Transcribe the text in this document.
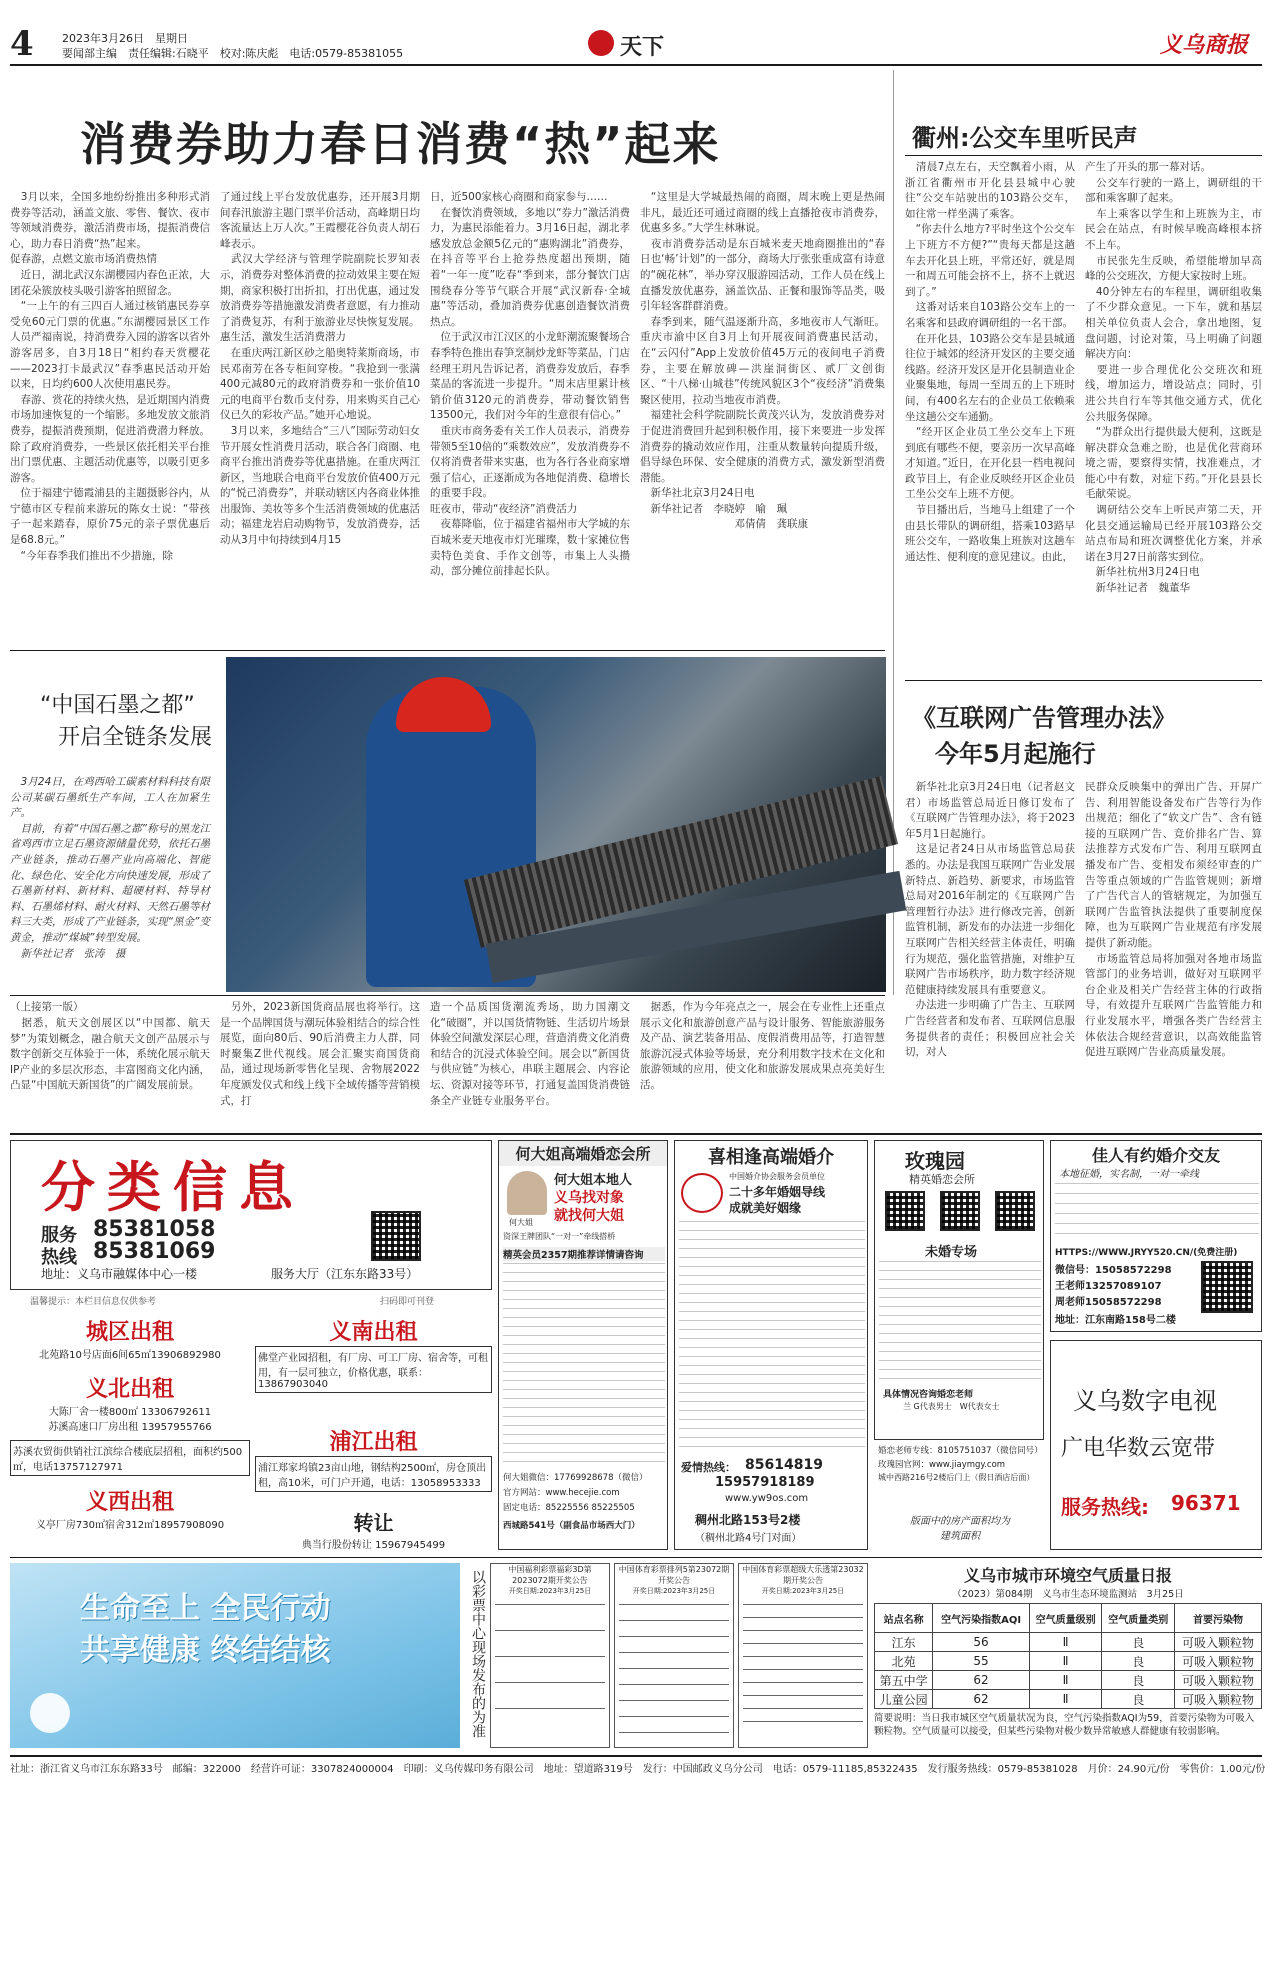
4	2023年3月26日　星期日
要闻部主编　责任编辑:石晓平　校对:陈庆彪　电话:0579-85381055	天下	义乌商报
消费券助力春日消费“热”起来
　3月以来，全国多地纷纷推出多种形式消费券等活动，涵盖文旅、零售、餐饮、夜市等领域消费券，激活消费市场，提振消费信心，助力春日消费“热”起来。
促春游，点燃文旅市场消费热情
　近日，湖北武汉东湖樱园内春色正浓，大团花朵簇放枝头吸引游客拍照留念。
　“一上午的有三四百人通过核销惠民券享受免60元门票的优惠。”东湖樱园景区工作人员严福南说，持消费券入园的游客以省外游客居多，自3月18日“相约春天赏樱花——2023打卡最武汉”春季惠民活动开始以来，日均约600人次使用惠民券。
　春游、赏花的持续火热，是近期国内消费市场加速恢复的一个缩影。多地发放文旅消费券，提振消费预期，促进消费潜力释放。除了政府消费券，一些景区依托相关平台推出门票优惠、主题活动优惠等，以吸引更多游客。
　位于福建宁德霞浦县的主题摄影谷内，从宁德市区专程前来游玩的陈女士说：“带孩子一起来踏春，原价75元的亲子票优惠后是68.8元。”
　“今年春季我们推出不少措施，除
了通过线上平台发放优惠券，还开展3月期间春汛旅游主题门票半价活动，高峰期日均客流量达上万人次。”王霞樱花谷负责人胡石峰表示。
　武汉大学经济与管理学院副院长罗知表示，消费券对整体消费的拉动效果主要在短期，商家积极打出折扣，打出优惠，通过发放消费券等措施激发消费者意愿，有力推动了消费复苏，有利于旅游业尽快恢复发展。
惠生活，激发生活消费潜力
　在重庆两江新区砂之船奥特莱斯商场，市民邓南芳在各专柜间穿梭。“我抢到一张满400元减80元的政府消费券和一张价值10元的电商平台数币支付券，用来购买自己心仪已久的彩妆产品。”她开心地说。
　3月以来，多地结合“三八”国际劳动妇女节开展女性消费月活动，联合各门商圈、电商平台推出消费券等优惠措施。在重庆两江新区，当地联合电商平台发放价值400万元的“悦己消费券”，并联动辖区内各商业体推出服饰、美妆等多个生活消费领域的优惠活动；福建龙岩启动购物节，发放消费券，活动从3月中旬持续到4月15
日，近500家核心商圈和商家参与……
　在餐饮消费领域，多地以“券力”激活消费力，为惠民添能着力。3月16日起，湖北孝感发放总金额5亿元的“惠购湖北”消费券，在抖音等平台上抢券热度超出预期，随着“一年一度”吃春“季到来，部分餐饮门店围绕春分等节气联合开展“武汉新春·全城惠”等活动，叠加消费券优惠创造餐饮消费热点。
　位于武汉市江汉区的小龙虾潮流聚餐场合春季特色推出春笋烹制炒龙虾等菜品，门店经理王玥凡告诉记者，消费券发放后，春季菜品的客流进一步提升。“周末店里累计核销价值3120元的消费券，带动餐饮销售13500元，我们对今年的生意很有信心。”
　重庆市商务委有关工作人员表示，消费券带领5至10倍的“乘数效应”，发放消费券不仅将消费者带来实惠，也为各行各业商家增强了信心，正逐渐成为各地促消费、稳增长的重要手段。
旺夜市，带动“夜经济”消费活力
　夜幕降临，位于福建省福州市大学城的东百城米麦天地夜市灯光璀璨，数十家摊位售卖特色美食、手作文创等，市集上人头攒动，部分摊位前排起长队。
　“这里是大学城最热闹的商圈，周末晚上更是热闹非凡，最近还可通过商圈的线上直播抢夜市消费券，优惠多多。”大学生林琳说。
　夜市消费券活动是东百城米麦天地商圈推出的“春日也‘畅’计划”的一部分，商场大厅张张重成富有诗意的“碗花林”，举办穿汉服游园活动，工作人员在线上直播发放优惠券，涵盖饮品、正餐和服饰等品类，吸引年轻客群群消费。
　春季到来，随气温逐渐升高，多地夜市人气渐旺。重庆市渝中区自3月上旬开展夜间消费惠民活动，在“云闪付”App上发放价值45万元的夜间电子消费券，主要在解放碑—洪崖洞街区、贰厂文创街区、“十八梯·山城巷”传统风貌区3个“夜经济”消费集聚区使用，拉动当地夜市消费。
　福建社会科学院副院长黄茂兴认为，发放消费券对于促进消费回升起到积极作用，接下来要进一步发挥消费券的撬动效应作用，注重从数量转向提质升级，倡导绿色环保、安全健康的消费方式，激发新型消费潜能。
　新华社北京3月24日电
　新华社记者　李晓婷　喻　珮
　　　　　　　　　邓倩倩　龚联康
衢州:公交车里听民声
　清晨7点左右，天空飘着小雨，从浙江省衢州市开化县县城中心驶往“公交车站驶出的103路公交车，如往常一样坐满了乘客。
　“你去什么地方?平时坐这个公交车上下班方不方便?”“贵每天都是这趟车去开化县上班，平常还好，就是周一和周五可能会挤不上，挤不上就迟到了。”
　这番对话来自103路公交车上的一名乘客和县政府调研组的一名干部。
　在开化县，103路公交车是县城通往位于城郊的经济开发区的主要交通线路。经济开发区是开化县制造业企业聚集地，每周一至周五的上下班时间，有400名左右的企业员工依赖乘坐这趟公交车通勤。
　“经开区企业员工坐公交车上下班到底有哪些不便，要亲历一次早高峰才知道。”近日，在开化县一档电视问政节目上，有企业反映经开区企业员工坐公交车上班不方便。
　节目播出后，当地马上组建了一个由县长带队的调研组，搭乘103路早班公交车，一路收集上班族对这趟车通达性、便利度的意见建议。由此，
产生了开头的那一幕对话。
　公交车行驶的一路上，调研组的干部和乘客聊了起来。
　车上乘客以学生和上班族为主，市民会在站点，有时候早晚高峰根本挤不上车。
　市民张先生反映，希望能增加早高峰的公交班次，方便大家按时上班。
　40分钟左右的车程里，调研组收集了不少群众意见。一下车，就和基层相关单位负责人会合，拿出地图，复盘问题，讨论对策，马上明确了问题解决方向：
　要进一步合理优化公交班次和班线，增加运力，增设站点；同时，引进公共自行车等其他交通方式，优化公共服务保障。
　“为群众出行提供最大便利，这既是解决群众急难之盼，也是优化营商环境之需，要察得实情，找准难点，才能心中有数，对症下药。”开化县县长毛献荣说。
　调研结公交车上听民声第二天，开化县交通运输局已经开展103路公交站点布局和班次调整优化方案，并承诺在3月27日前落实到位。
　新华社杭州3月24日电
　新华社记者　魏董华
《互联网广告管理办法》
今年5月起施行
　新华社北京3月24日电（记者赵文君）市场监管总局近日修订发布了《互联网广告管理办法》，将于2023年5月1日起施行。
　这是记者24日从市场监管总局获悉的。办法是我国互联网广告业发展新特点、新趋势、新要求，市场监管总局对2016年制定的《互联网广告管理暂行办法》进行修改完善，创新监管机制，新发布的办法进一步细化互联网广告相关经营主体责任，明确行为规范，强化监管措施，对维护互联网广告市场秩序，助力数字经济规范健康持续发展具有重要意义。
　办法进一步明确了广告主、互联网广告经营者和发布者、互联网信息服务提供者的责任；积极回应社会关切，对人
民群众反映集中的弹出广告、开屏广告、利用智能设备发布广告等行为作出规范；细化了“软文广告”、含有链接的互联网广告、竞价排名广告、算法推荐方式发布广告、利用互联网直播发布广告、变相发布须经审查的广告等重点领域的广告监管规则；新增了广告代言人的管辖规定，为加强互联网广告监管执法提供了重要制度保障，也为互联网广告业规范有序发展提供了新动能。
　市场监管总局将加强对各地市场监管部门的业务培训，做好对互联网平台企业及相关广告经营主体的行政指导，有效提升互联网广告监管能力和行业发展水平，增强各类广告经营主体依法合规经营意识，以高效能监管促进互联网广告业高质量发展。
“中国石墨之都”
开启全链条发展
　3月24日，在鸡西哈工碳素材料科技有限公司某碳石墨纸生产车间，工人在加紧生产。
　目前，有着“中国石墨之都”称号的黑龙江省鸡西市立足石墨资源储量优势，依托石墨产业链条，推动石墨产业向高端化、智能化、绿色化、安全化方向快速发展，形成了石墨新材料、新材料、超硬材料、特导材料、石墨烯材料、耐火材料、天然石墨等材料三大类，形成了产业链条，实现“黑金”变黄金，推动“煤城”转型发展。
　新华社记者　张涛　摄
（上接第一版）
　据悉，航天文创展区以“中国都、航天梦”为策划概念，融合航天文创产品展示与数字创新交互体验于一体，系统化展示航天IP产业的多层次形态，丰富图商文化内涵，凸显“中国航天新国货”的广阔发展前景。
　另外，2023新国货商品展也将举行。这是一个品牌国货与潮玩体验相结合的综合性展览，面向80后、90后消费主力人群，同时聚集Z世代视线。展会汇聚实商国货商品，通过现场新零售化呈现、舍物展2022年度颁发仪式和线上线下全域传播等营销模式，打
造一个品质国货潮流秀场，助力国潮文化“破圈”，并以国货情物链、生活切片场景体验空间激发深层心理，营造消费文化消费和结合的沉浸式体验空间。展会以“新国货与供应链”为核心，串联主题展会、内容论坛、资源对接等环节，打通复盖国货消费链条全产业链专业服务平台。
　据悉，作为今年亮点之一，展会在专业性上还重点展示文化和旅游创意产品与设计服务、智能旅游服务及产品、演艺装备用品、度假消费用品等，打造智慧旅游沉浸式体验等场景，充分利用数字技术在文化和旅游领域的应用，使文化和旅游发展成果点亮美好生活。
分类信息
服务 85381058
热线 85381069
地址：义乌市融媒体中心一楼	服务大厅（江东东路33号）
温馨提示：本栏目信息仅供参考	扫码即可刊登
城区出租
北苑路10号店面6间65㎡13906892980
义南出租
佛堂产业园招租，有厂房、可工厂房、宿舍等，可租用，有一层可独立，价格优惠，联系：13867903040
义北出租
大陈厂舍一楼800㎡ 13306792611
苏溪高速口厂房出租 13957955766
浦江出租
浦江郑家坞镇23亩山地，钢结构2500㎡，房仓顶出租，高10米，可门户开通，电话：13058953333
苏溪农贸街供销社江滨综合楼底层招租，面积约500㎡，电话13757127971
义西出租
义亭厂房730㎡宿舍312㎡18957908090	转让
典当行股份转让 15967945499
何大姐高端婚恋会所
何大姐
何大姐本地人
义乌找对象
就找何大姐
资深王牌团队“一对一”牵线搭桥
精英会员2357期推荐详情请咨询
何大姐微信：17769928678（微信）
官方网站：www.hecejie.com
固定电话：85225556 85225505
西城路541号（副食品市场西大门）
喜相逢高端婚介
中国婚介协会服务会员单位
二十多年婚姻导线
成就美好姻缘
爱情热线： 85614819
15957918189
www.yw9os.com
稠州北路153号2楼
（稠州北路4号门对面）
玫瑰园
精英婚恋会所
未婚专场
具体情况咨询婚恋老师
兰 G代表男士　W代表女士
婚恋老师专线：8105751037（微信同号）
玫瑰园官网：www.jiaymgy.com
城中西路216号2楼后门上（假日酒店后面）
版面中的房产面积均为建筑面积
佳人有约婚介交友
本地征婚，实名制，一对一牵线
HTTPS://WWW.JRYY520.CN/(免费注册)
微信号：15058572298
王老师13257089107
周老师15058572298
地址：江东南路158号二楼
义乌数字电视
广电华数云宽带
服务热线: 96371
生命至上 全民行动
共享健康 终结结核	以彩票中心现场发布的为准
中国福利彩票福彩3D第2023072期开奖公告
开奖日期:2023年3月25日
中国体育彩票排列5第23072期开奖公告
开奖日期:2023年3月25日
中国体育彩票超级大乐透第23032期开奖公告
开奖日期:2023年3月25日
义乌市城市环境空气质量日报
（2023）第084期　义乌市生态环境监测站　3月25日
站点名称	空气污染指数AQI	空气质量级别	空气质量类别	首要污染物
江东	56	Ⅱ	良	可吸入颗粒物
北苑	55	Ⅱ	良	可吸入颗粒物
第五中学	62	Ⅱ	良	可吸入颗粒物
儿童公园	62	Ⅱ	良	可吸入颗粒物
简要说明：当日我市城区空气质量状况为良，空气污染指数AQI为59，首要污染物为可吸入颗粒物。空气质量可以接受，但某些污染物对极少数异常敏感人群健康有较弱影响。
社址：浙江省义乌市江东东路33号　邮编：322000　经营许可证：3307824000004　印刷：义乌传媒印务有限公司　地址：望道路319号　发行：中国邮政义乌分公司　电话：0579-11185,85322435　发行服务热线：0579-85381028　月价：24.90元/份　零售价：1.00元/份
